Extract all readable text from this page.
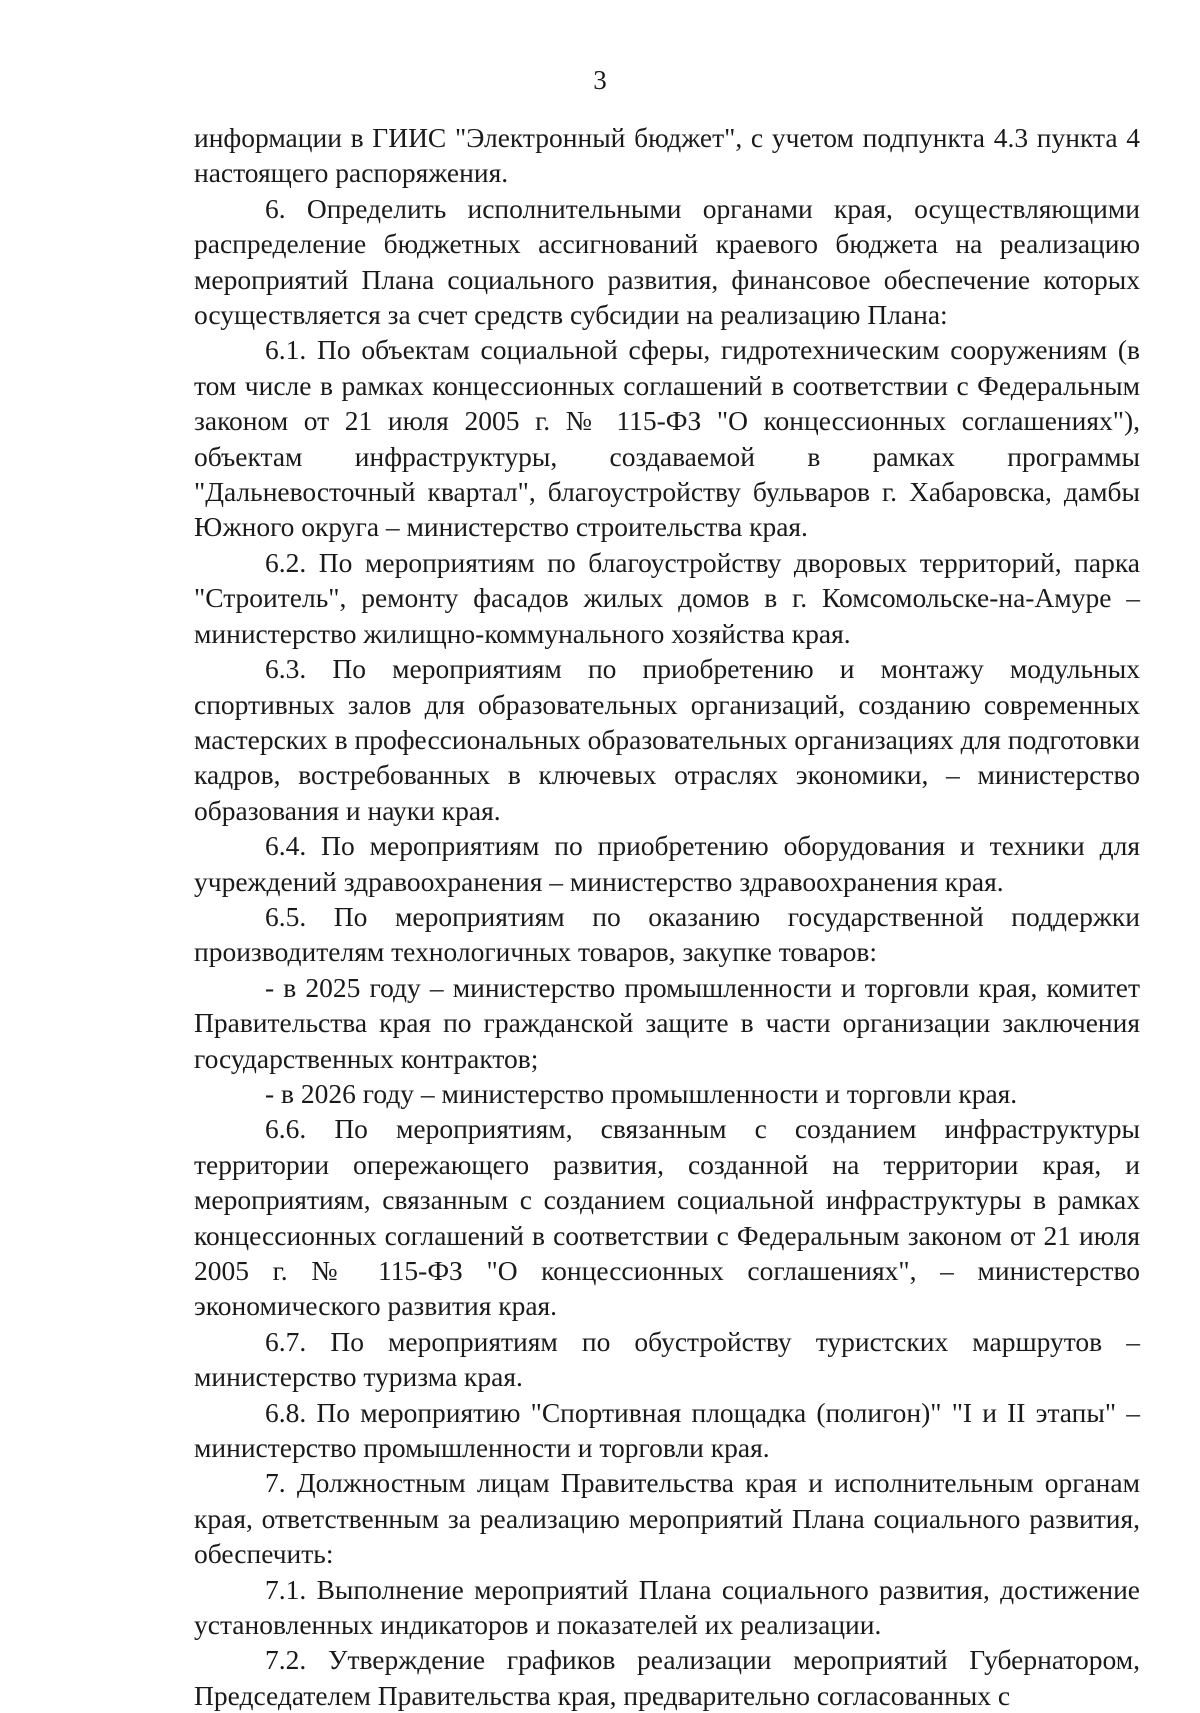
3

информации в ГИИС "Электронный бюджет", с учетом подпункта 4.3 пункта 4 настоящего распоряжения.

6. Определить исполнительными органами края, осуществляющими распределение бюджетных ассигнований краевого бюджета на реализацию мероприятий Плана социального развития, финансовое обеспечение которых осуществляется за счет средств субсидии на реализацию Плана:

6.1. По объектам социальной сферы, гидротехническим сооружениям (в том числе в рамках концессионных соглашений в соответствии с Федеральным законом от 21 июля 2005 г. № 115-ФЗ "О концессионных соглашениях"), объектам инфраструктуры, создаваемой в рамках программы "Дальневосточный квартал", благоустройству бульваров г. Хабаровска, дамбы Южного округа – министерство строительства края.

6.2. По мероприятиям по благоустройству дворовых территорий, парка "Строитель", ремонту фасадов жилых домов в г. Комсомольске-на-Амуре – министерство жилищно-коммунального хозяйства края.

6.3. По мероприятиям по приобретению и монтажу модульных спортивных залов для образовательных организаций, созданию современных мастерских в профессиональных образовательных организациях для подготовки кадров, востребованных в ключевых отраслях экономики, – министерство образования и науки края.

6.4. По мероприятиям по приобретению оборудования и техники для учреждений здравоохранения – министерство здравоохранения края.

6.5. По мероприятиям по оказанию государственной поддержки производителям технологичных товаров, закупке товаров:

- в 2025 году – министерство промышленности и торговли края, комитет Правительства края по гражданской защите в части организации заключения государственных контрактов;

- в 2026 году – министерство промышленности и торговли края.

6.6. По мероприятиям, связанным с созданием инфраструктуры территории опережающего развития, созданной на территории края, и мероприятиям, связанным с созданием социальной инфраструктуры в рамках концессионных соглашений в соответствии с Федеральным законом от 21 июля 2005 г. № 115-ФЗ "О концессионных соглашениях", – министерство экономического развития края.

6.7. По мероприятиям по обустройству туристских маршрутов – министерство туризма края.

6.8. По мероприятию "Спортивная площадка (полигон)" "I и II этапы" – министерство промышленности и торговли края.

7. Должностным лицам Правительства края и исполнительным органам края, ответственным за реализацию мероприятий Плана социального развития, обеспечить:

7.1. Выполнение мероприятий Плана социального развития, достижение установленных индикаторов и показателей их реализации.

7.2. Утверждение графиков реализации мероприятий Губернатором, Председателем Правительства края, предварительно согласованных с
